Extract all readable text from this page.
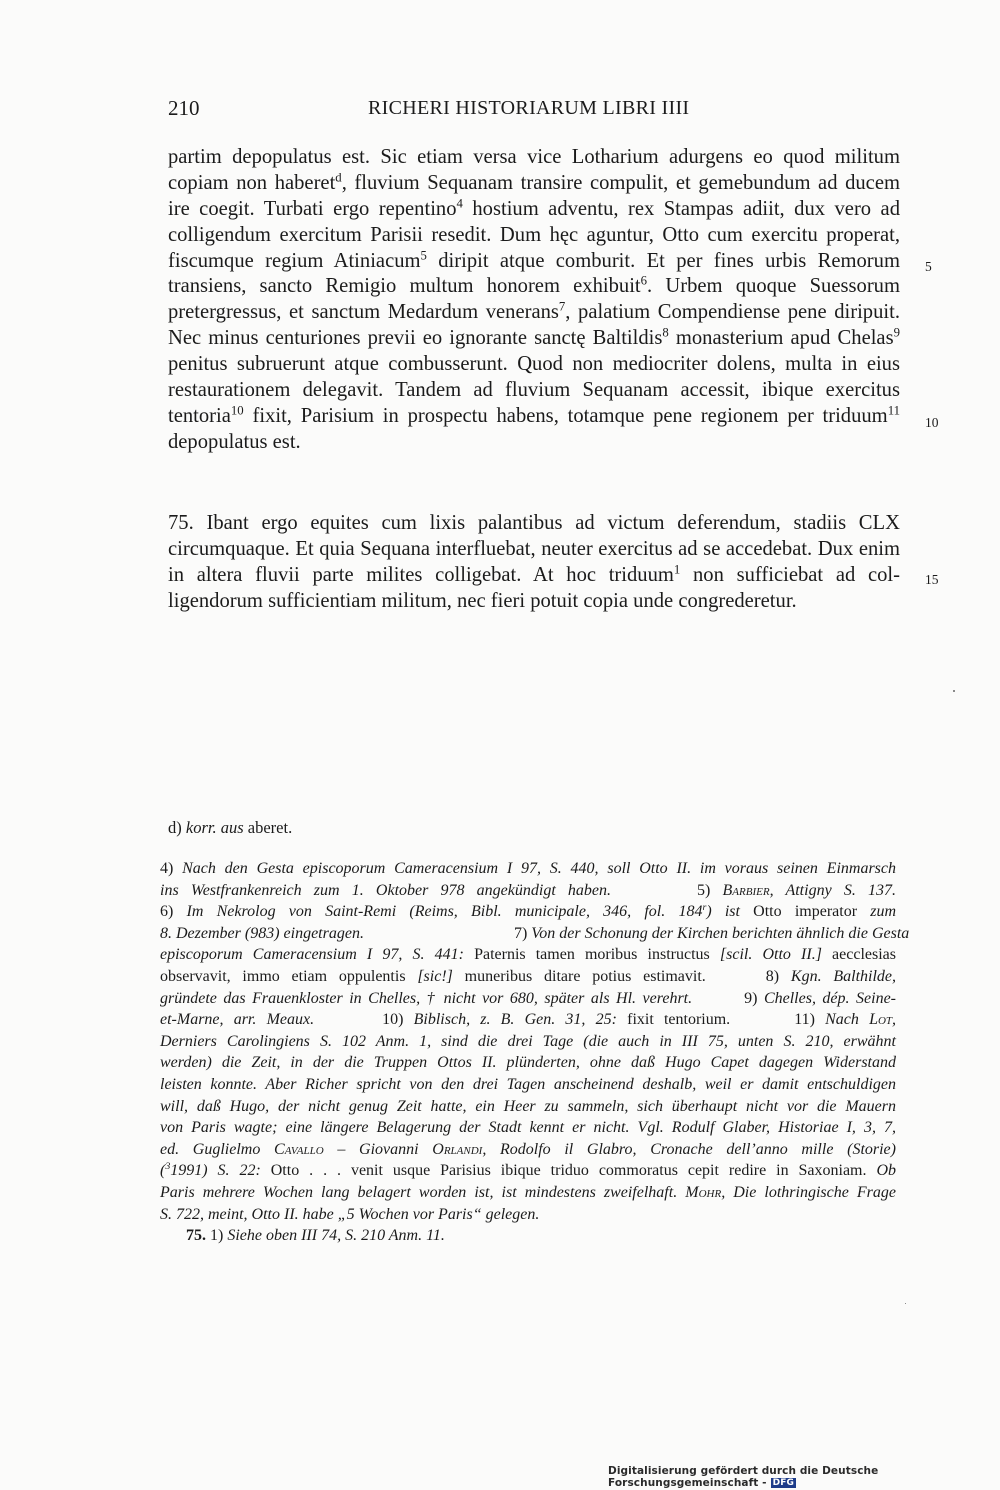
210	RICHERI HISTORIARUM LIBRI IIII
partim depopulatus est. Sic etiam versa vice Lotharium adurgens eo quod militum
copiam non haberet$^d$, fluvium Sequanam transire compulit, et gemebundum ad ducem
ire coegit. Turbati ergo repentino$^4$ hostium adventu, rex Stampas adiit, dux vero ad
colligendum exercitum Parisii resedit. Dum hęc aguntur, Otto cum exercitu properat,
fiscumque regium Atiniacum$^5$ diripit atque comburit. Et per fines urbis Remorum
transiens, sancto Remigio multum honorem exhibuit$^6$. Urbem quoque Suessorum
pretergressus, et sanctum Medardum venerans$^7$, palatium Compendiense pene diripuit.
Nec minus centuriones previi eo ignorante sanctę Baltildis$^8$ monasterium apud Chelas$^9$
penitus subruerunt atque combusserunt. Quod non mediocriter dolens, multa in eius
restaurationem delegavit. Tandem ad fluvium Sequanam accessit, ibique exercitus
tentoria$^{10}$ fixit, Parisium in prospectu habens, totamque pene regionem per triduum$^{11}$
depopulatus est.
75. Ibant ergo equites cum lixis palantibus ad victum deferendum, stadiis CLX
circumquaque. Et quia Sequana interfluebat, neuter exercitus ad se accedebat. Dux enim
in altera fluvii parte milites colligebat. At hoc triduum$^1$ non sufficiebat ad col-
ligendorum sufficientiam militum, nec fieri potuit copia unde congrederetur.
5
10
15
d) korr. aus aberet.
4) Nach den Gesta episcoporum Cameracensium I 97, S. 440, soll Otto II. im voraus seinen Einmarsch
ins Westfrankenreich zum 1. Oktober 978 angekündigt haben.	5) Barbier, Attigny S. 137.
6) Im Nekrolog von Saint-Remi (Reims, Bibl. municipale, 346, fol. 184$^r$) ist Otto imperator zum
8. Dezember (983) eingetragen.	7) Von der Schonung der Kirchen berichten ähnlich die Gesta
episcoporum Cameracensium I 97, S. 441: Paternis tamen moribus instructus [scil. Otto II.] aecclesias
observavit, immo etiam oppulentis [sic!] muneribus ditare potius estimavit.	8) Kgn. Balthilde,
gründete das Frauenkloster in Chelles, † nicht vor 680, später als Hl. verehrt.	9) Chelles, dép. Seine-
et-Marne, arr. Meaux.	10) Biblisch, z. B. Gen. 31, 25: fixit tentorium.	11) Nach Lot,
Derniers Carolingiens S. 102 Anm. 1, sind die drei Tage (die auch in III 75, unten S. 210, erwähnt
werden) die Zeit, in der die Truppen Ottos II. plünderten, ohne daß Hugo Capet dagegen Widerstand
leisten konnte. Aber Richer spricht von den drei Tagen anscheinend deshalb, weil er damit entschuldigen
will, daß Hugo, der nicht genug Zeit hatte, ein Heer zu sammeln, sich überhaupt nicht vor die Mauern
von Paris wagte; eine längere Belagerung der Stadt kennt er nicht. Vgl. Rodulf Glaber, Historiae I, 3, 7,
ed. Guglielmo Cavallo – Giovanni Orlandi, Rodolfo il Glabro, Cronache dell’anno mille (Storie)
($^3$1991) S. 22: Otto . . . venit usque Parisius ibique triduo commoratus cepit redire in Saxoniam. Ob
Paris mehrere Wochen lang belagert worden ist, ist mindestens zweifelhaft. Mohr, Die lothringische Frage
S. 722, meint, Otto II. habe „5 Wochen vor Paris“ gelegen.
75. 1) Siehe oben III 74, S. 210 Anm. 11.
Digitalisierung gefördert durch die Deutsche Forschungsgemeinschaft - DFG
